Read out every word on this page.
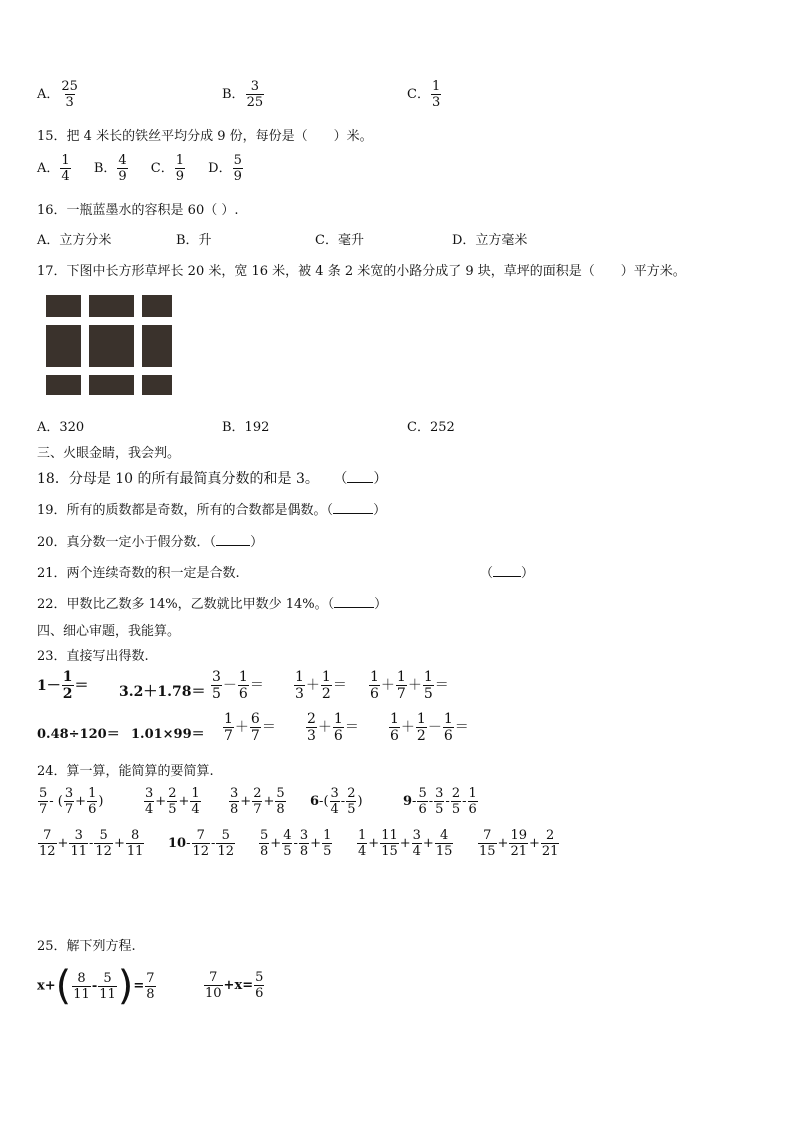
A． $\frac{25}{3}$	B． $\frac{3}{25}$	C． $\frac{1}{3}$
15．把 4 米长的铁丝平均分成 9 份，每份是（　　）米。
A． $\frac{1}{4}$ B． $\frac{4}{9}$ C． $\frac{1}{9}$ D． $\frac{5}{9}$
16．一瓶蓝墨水的容积是 60（ ）.
A．立方分米	B．升	C．毫升	D．立方毫米
17．下图中长方形草坪长 20 米，宽 16 米，被 4 条 2 米宽的小路分成了 9 块，草坪的面积是（　　）平方米。
A．320	B．192	C．252
三、火眼金睛，我会判。
18．分母是 10 的所有最简真分数的和是 3。 （ ）
19．所有的质数都是奇数，所有的合数都是偶数。（	）
20．真分数一定小于假分数．（	）
21．两个连续奇数的积一定是合数.	（ ）
22．甲数比乙数多 14%，乙数就比甲数少 14%。（	）
四、细心审题，我能算。
23．直接写出得数.
$1- \frac{1}{2} = 3.2+1.78= \frac{3}{5} - \frac{1}{6} = \frac{1}{3} + \frac{1}{2} = \frac{1}{6} + \frac{1}{7} + \frac{1}{5}$ ＝
$0.48\div 120= 1.01\times 99= \frac{1}{7} + \frac{6}{7} = \frac{2}{3} + \frac{1}{6} = \frac{1}{6} + \frac{1}{2} - \frac{1}{6}$ ＝
24．算一算，能简算的要简算.
$\frac{5}{7}$ - ( $\frac{3}{7} + \frac{1}{6}$ )	$\frac{3}{4} + \frac{2}{5} + \frac{1}{4} \frac{3}{8} + \frac{2}{7} + \frac{5}{8} 6-( \frac{3}{4} - \frac{2}{5}$ )	$9- \frac{5}{6} - \frac{3}{5} - \frac{2}{5} - \frac{1}{6}$
$\frac{7}{12} + \frac{3}{11} - \frac{5}{12} + \frac{8}{11} 10- \frac{7}{12} - \frac{5}{12} \frac{5}{8} + \frac{4}{5} - \frac{3}{8} + \frac{1}{5} \frac{1}{4} + \frac{11}{15} + \frac{3}{4} + \frac{4}{15} \frac{7}{15} + \frac{19}{21} + \frac{2}{21}$
25．解下列方程.
$x+( \frac{8}{11} - \frac{5}{11}$ )= $\frac{7}{8}$	$\frac{7}{10} +x= \frac{5}{6}$
